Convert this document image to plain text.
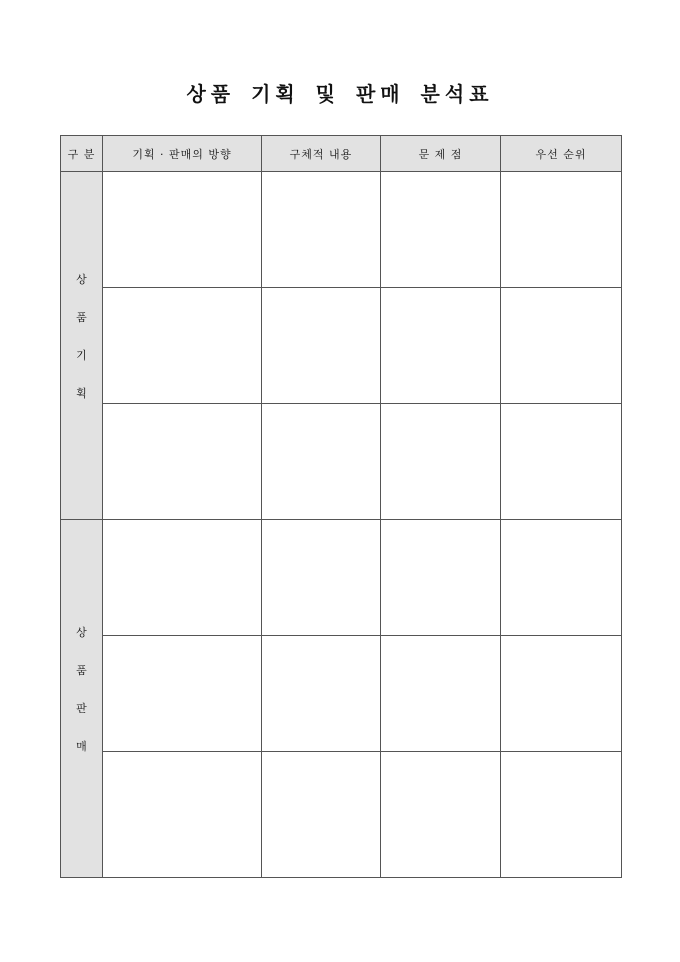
상품 기획 및 판매 분석표
구 분	기획 · 판매의 방향	구체적 내용	문 제 점	우선 순위

상
품
기
획				

상
품
판
매				
